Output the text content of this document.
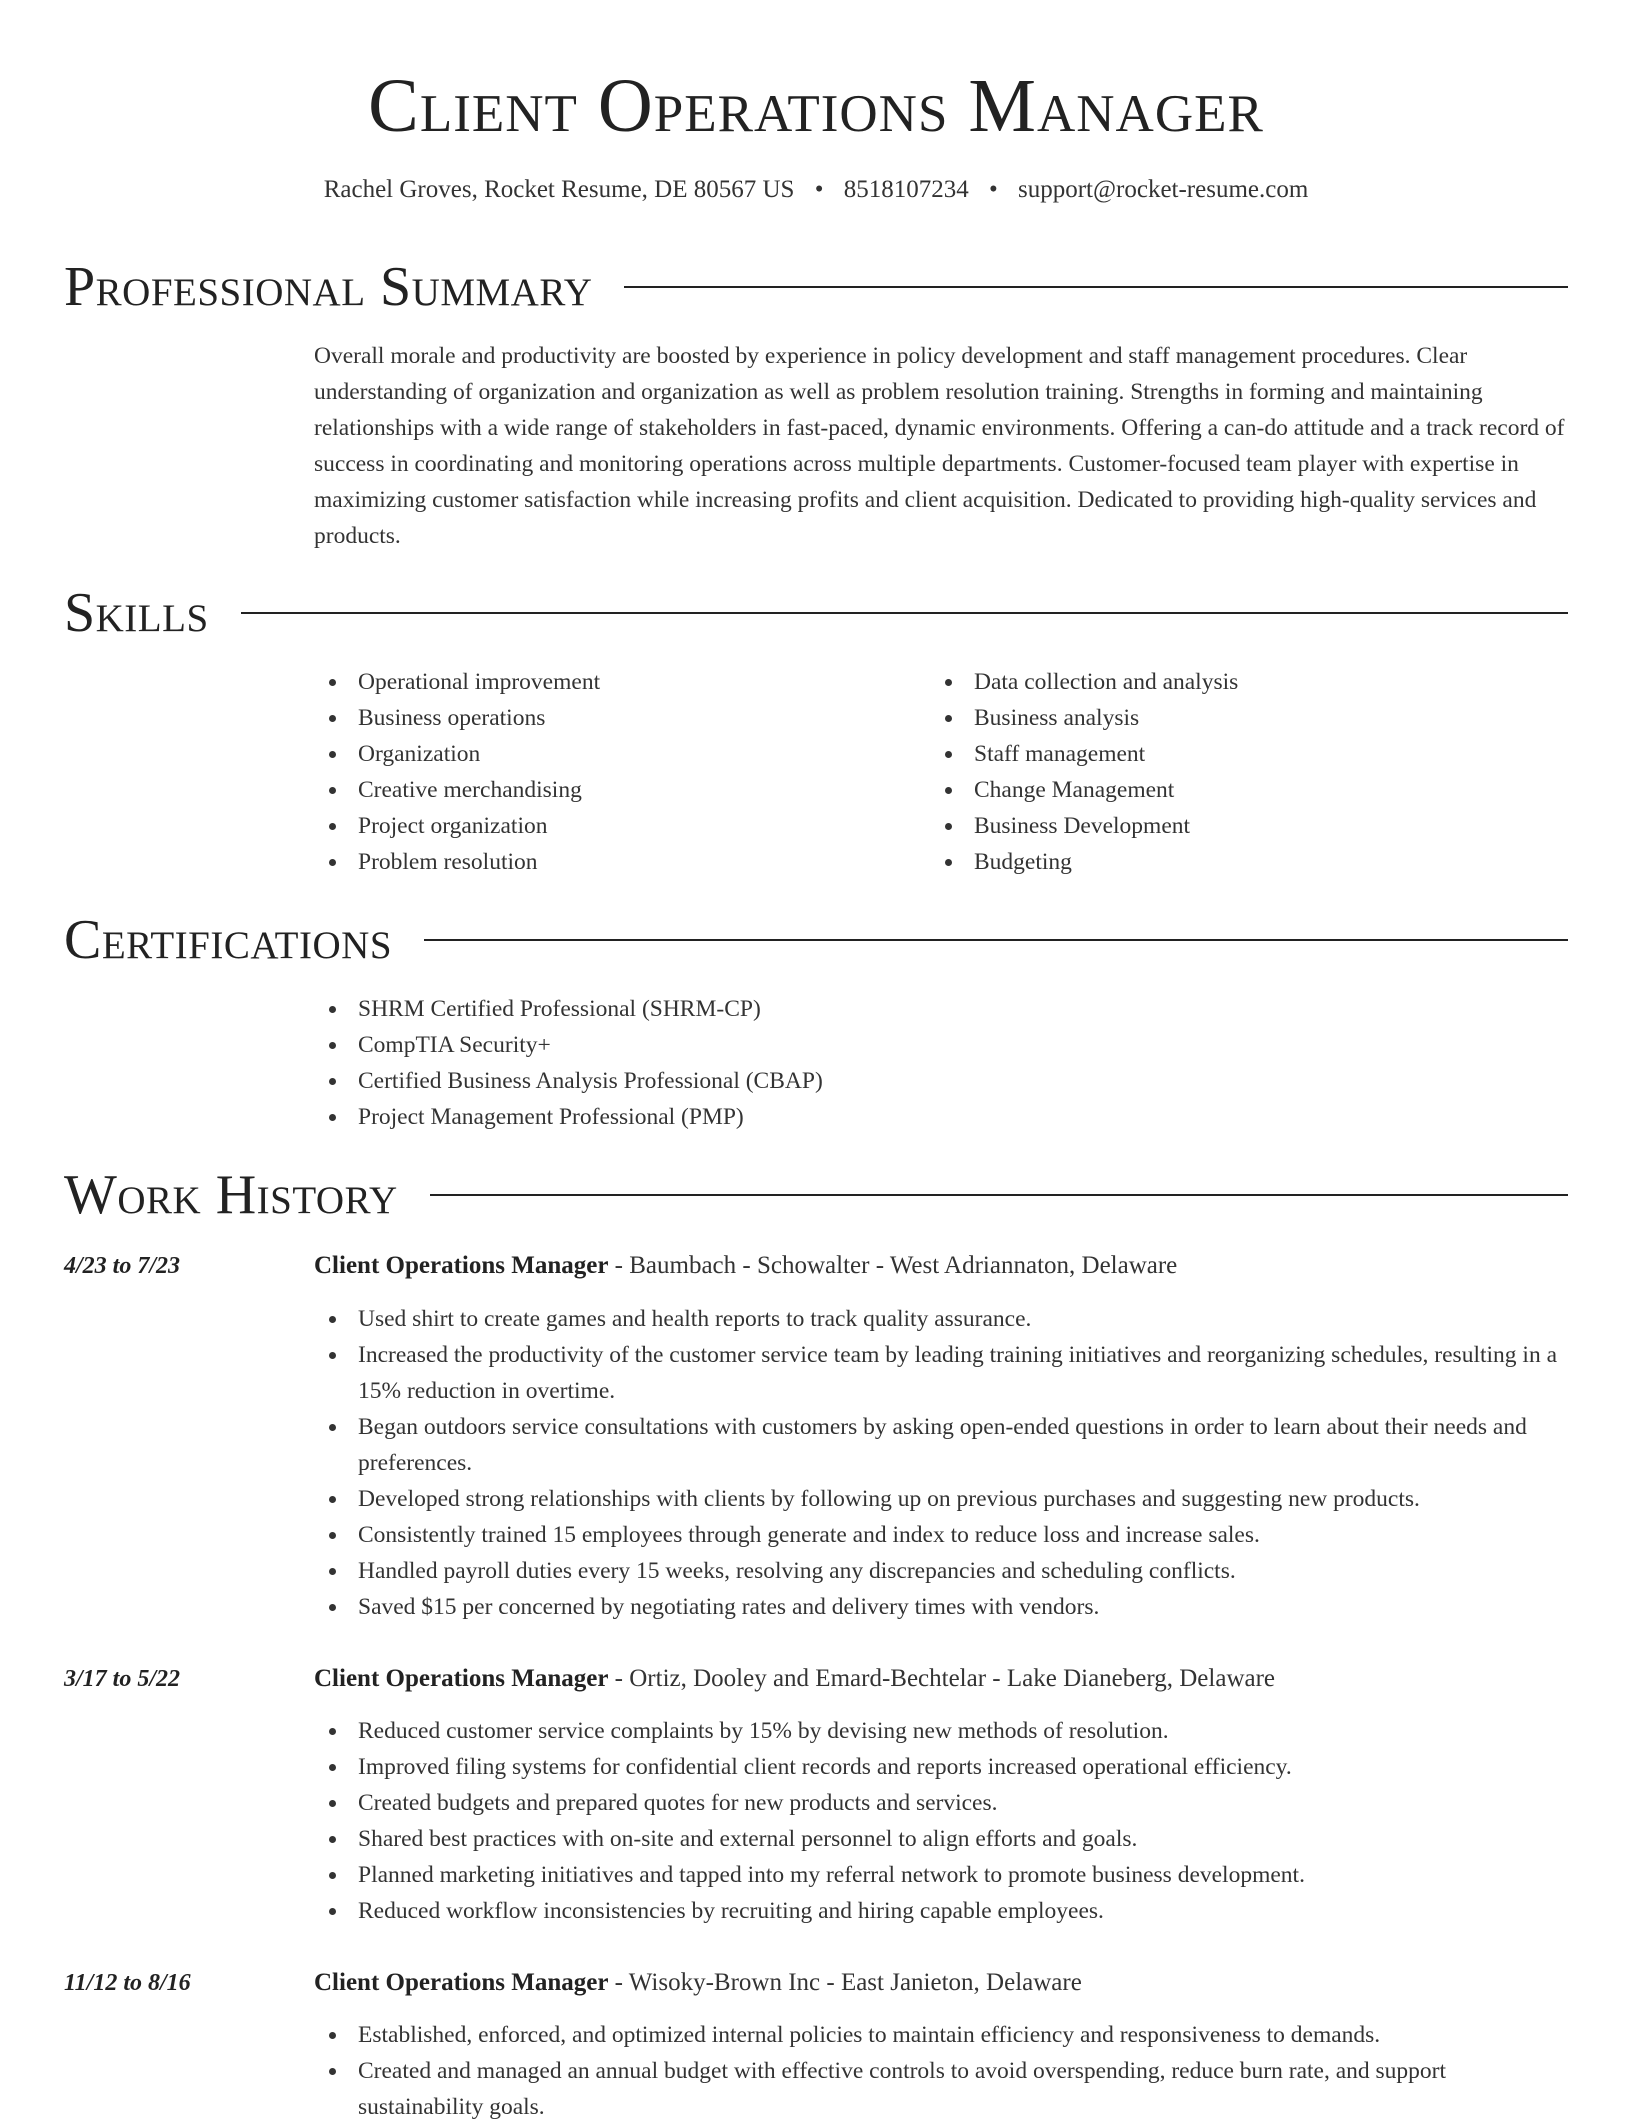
Client Operations Manager
Rachel Groves, Rocket Resume, DE 80567 US • 8518107234 • support@rocket-resume.com
Professional Summary

Overall morale and productivity are boosted by experience in policy development and staff management procedures. Clear understanding of organization and organization as well as problem resolution training. Strengths in forming and maintaining relationships with a wide range of stakeholders in fast-paced, dynamic environments. Offering a can-do attitude and a track record of success in coordinating and monitoring operations across multiple departments. Customer-focused team player with expertise in maximizing customer satisfaction while increasing profits and client acquisition. Dedicated to providing high-quality services and products.

Skills
Operational improvement
Business operations
Organization
Creative merchandising
Project organization
Problem resolution
Data collection and analysis
Business analysis
Staff management
Change Management
Business Development
Budgeting
Certifications
SHRM Certified Professional (SHRM-CP)
CompTIA Security+
Certified Business Analysis Professional (CBAP)
Project Management Professional (PMP)
Work History
4/23 to 7/23	Client Operations Manager - Baumbach - Schowalter - West Adriannaton, Delaware
Used shirt to create games and health reports to track quality assurance.
Increased the productivity of the customer service team by leading training initiatives and reorganizing schedules, resulting in a 15% reduction in overtime.
Began outdoors service consultations with customers by asking open-ended questions in order to learn about their needs and preferences.
Developed strong relationships with clients by following up on previous purchases and suggesting new products.
Consistently trained 15 employees through generate and index to reduce loss and increase sales.
Handled payroll duties every 15 weeks, resolving any discrepancies and scheduling conflicts.
Saved $15 per concerned by negotiating rates and delivery times with vendors.
3/17 to 5/22	Client Operations Manager - Ortiz, Dooley and Emard-Bechtelar - Lake Dianeberg, Delaware
Reduced customer service complaints by 15% by devising new methods of resolution.
Improved filing systems for confidential client records and reports increased operational efficiency.
Created budgets and prepared quotes for new products and services.
Shared best practices with on-site and external personnel to align efforts and goals.
Planned marketing initiatives and tapped into my referral network to promote business development.
Reduced workflow inconsistencies by recruiting and hiring capable employees.
11/12 to 8/16	Client Operations Manager - Wisoky-Brown Inc - East Janieton, Delaware
Established, enforced, and optimized internal policies to maintain efficiency and responsiveness to demands.
Created and managed an annual budget with effective controls to avoid overspending, reduce burn rate, and support sustainability goals.
